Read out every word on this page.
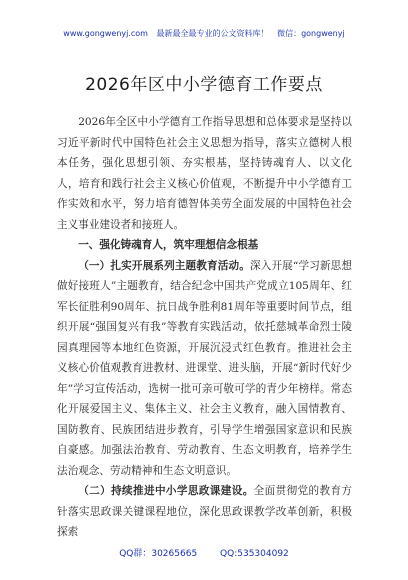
www.gongwenyj.com 最新最全最专业的公文资料库！ 微信：gongwenyj
2026年区中小学德育工作要点

2026年全区中小学德育工作指导思想和总体要求是坚持以习近平新时代中国特色社会主义思想为指导，落实立德树人根本任务，强化思想引领、夯实根基，坚持铸魂育人、以文化人，培育和践行社会主义核心价值观，不断提升中小学德育工作实效和水平，努力培育德智体美劳全面发展的中国特色社会主义事业建设者和接班人。

一、强化铸魂育人，筑牢理想信念根基

（一）扎实开展系列主题教育活动。深入开展“学习新思想做好接班人”主题教育，结合纪念中国共产党成立105周年、红军长征胜利90周年、抗日战争胜利81周年等重要时间节点，组织开展“强国复兴有我”等教育实践活动，依托慈城革命烈士陵园真理园等本地红色资源，开展沉浸式红色教育。推进社会主义核心价值观教育进教材、进课堂、进头脑，开展“新时代好少年”学习宣传活动，选树一批可亲可敬可学的青少年榜样。常态化开展爱国主义、集体主义、社会主义教育，融入国情教育、国防教育、民族团结进步教育，引导学生增强国家意识和民族自豪感。加强法治教育、劳动教育、生态文明教育，培养学生法治观念、劳动精神和生态文明意识。

（二）持续推进中小学思政课建设。全面贯彻党的教育方针落实思政课关键课程地位，深化思政课教学改革创新，积极探索

QQ群：30265665	QQ:535304092
